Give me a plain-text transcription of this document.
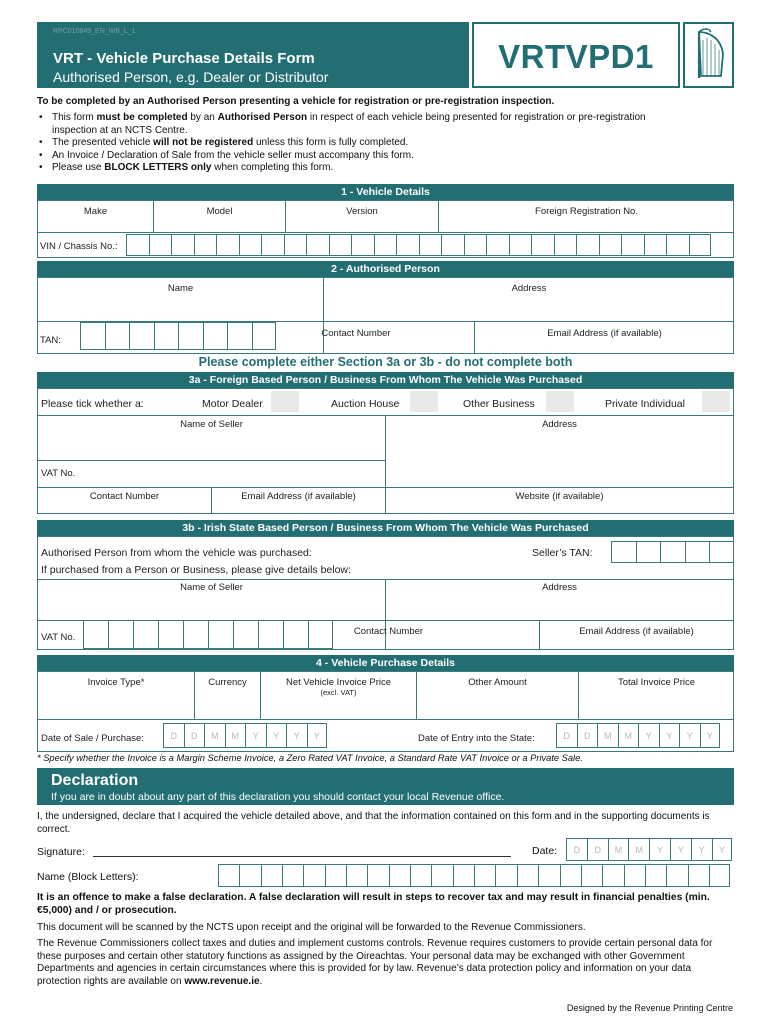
RPC010849_EN_WB_L_1
VRT - Vehicle Purchase Details Form
Authorised Person, e.g. Dealer or Distributor
VRTVPD1
To be completed by an Authorised Person presenting a vehicle for registration or pre-registration inspection.
• This form must be completed by an Authorised Person in respect of each vehicle being presented for registration or pre-registration inspection at an NCTS Centre.
• The presented vehicle will not be registered unless this form is fully completed.
• An Invoice / Declaration of Sale from the vehicle seller must accompany this form.
• Please use BLOCK LETTERS only when completing this form.
1 - Vehicle Details
Make	Model	Version	Foreign Registration No.
VIN / Chassis No.:
2 - Authorised Person
Name	Address
TAN:
Contact Number	Email Address (if available)
Please complete either Section 3a or 3b - do not complete both
3a - Foreign Based Person / Business From Whom The Vehicle Was Purchased
Please tick whether a:	Motor Dealer	Auction House	Other Business	Private Individual
Name of Seller	Address
VAT No.
Contact Number	Email Address (if available)	Website (if available)
3b - Irish State Based Person / Business From Whom The Vehicle Was Purchased
Authorised Person from whom the vehicle was purchased:	Seller’s TAN:
If purchased from a Person or Business, please give details below:
Name of Seller	Address
VAT No.
Contact Number	Email Address (if available)
4 - Vehicle Purchase Details
Invoice Type*	Currency	Net Vehicle Invoice Price
(excl. VAT)
Other Amount	Total Invoice Price
Date of Sale / Purchase:	Date of Entry into the State:
D	D	M	M	Y	Y	Y	Y	D	D	M	M	Y	Y	Y	Y
* Specify whether the Invoice is a Margin Scheme Invoice, a Zero Rated VAT Invoice, a Standard Rate VAT Invoice or a Private Sale.
Declaration
If you are in doubt about any part of this declaration you should contact your local Revenue office.
I, the undersigned, declare that I acquired the vehicle detailed above, and that the information contained on this form and in the supporting documents is correct.
Signature:	Date:	D	D	M	M	Y	Y	Y	Y
Name (Block Letters):
It is an offence to make a false declaration. A false declaration will result in steps to recover tax and may result in financial penalties (min. €5,000) and / or prosecution.
This document will be scanned by the NCTS upon receipt and the original will be forwarded to the Revenue Commissioners.
The Revenue Commissioners collect taxes and duties and implement customs controls. Revenue requires customers to provide certain personal data for these purposes and certain other statutory functions as assigned by the Oireachtas. Your personal data may be exchanged with other Government Departments and agencies in certain circumstances where this is provided for by law. Revenue’s data protection policy and information on your data protection rights are available on www.revenue.ie.
Designed by the Revenue Printing Centre
